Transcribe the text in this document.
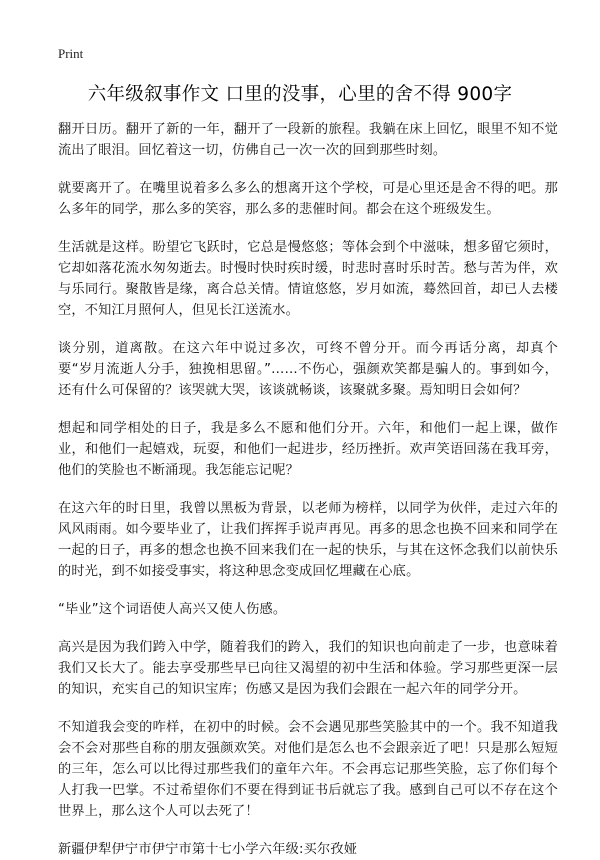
Print
六年级叙事作文 口里的没事，心里的舍不得 900字

翻开日历。翻开了新的一年，翻开了一段新的旅程。我躺在床上回忆，眼里不知不觉流出了眼泪。回忆着这一切，仿佛自己一次一次的回到那些时刻。

就要离开了。在嘴里说着多么多么的想离开这个学校，可是心里还是舍不得的吧。那么多年的同学，那么多的笑容，那么多的悲催时间。都会在这个班级发生。

生活就是这样。盼望它飞跃时，它总是慢悠悠；等体会到个中滋味，想多留它须时，它却如落花流水匆匆逝去。时慢时快时疾时缓，时悲时喜时乐时苦。愁与苦为伴，欢与乐同行。聚散皆是缘，离合总关情。情谊悠悠，岁月如流，蓦然回首，却已人去楼空，不知江月照何人，但见长江送流水。

谈分别，道离散。在这六年中说过多次，可终不曾分开。而今再话分离，却真个要“岁月流逝人分手，独挽相思留。”……不伤心，强颜欢笑都是骗人的。事到如今，还有什么可保留的？该哭就大哭，该谈就畅谈，该聚就多聚。焉知明日会如何？

想起和同学相处的日子，我是多么不愿和他们分开。六年，和他们一起上课，做作业，和他们一起嬉戏，玩耍，和他们一起进步，经历挫折。欢声笑语回荡在我耳旁，他们的笑脸也不断涌现。我怎能忘记呢？

在这六年的时日里，我曾以黑板为背景，以老师为榜样，以同学为伙伴，走过六年的风风雨雨。如今要毕业了，让我们挥挥手说声再见。再多的思念也换不回来和同学在一起的日子，再多的想念也换不回来我们在一起的快乐，与其在这怀念我们以前快乐的时光，到不如接受事实，将这种思念变成回忆埋藏在心底。

“毕业”这个词语使人高兴又使人伤感。

高兴是因为我们跨入中学，随着我们的跨入，我们的知识也向前走了一步，也意味着我们又长大了。能去享受那些早已向往又渴望的初中生活和体验。学习那些更深一层的知识，充实自己的知识宝库；伤感又是因为我们会跟在一起六年的同学分开。

不知道我会变的咋样，在初中的时候。会不会遇见那些笑脸其中的一个。我不知道我会不会对那些自称的朋友强颜欢笑。对他们是怎么也不会跟亲近了吧！只是那么短短的三年，怎么可以比得过那些我们的童年六年。不会再忘记那些笑脸，忘了你们每个人打我一巴掌。不过希望你们不要在得到证书后就忘了我。感到自己可以不存在这个世界上，那么这个人可以去死了！

新疆伊犁伊宁市伊宁市第十七小学六年级:买尔孜娅
